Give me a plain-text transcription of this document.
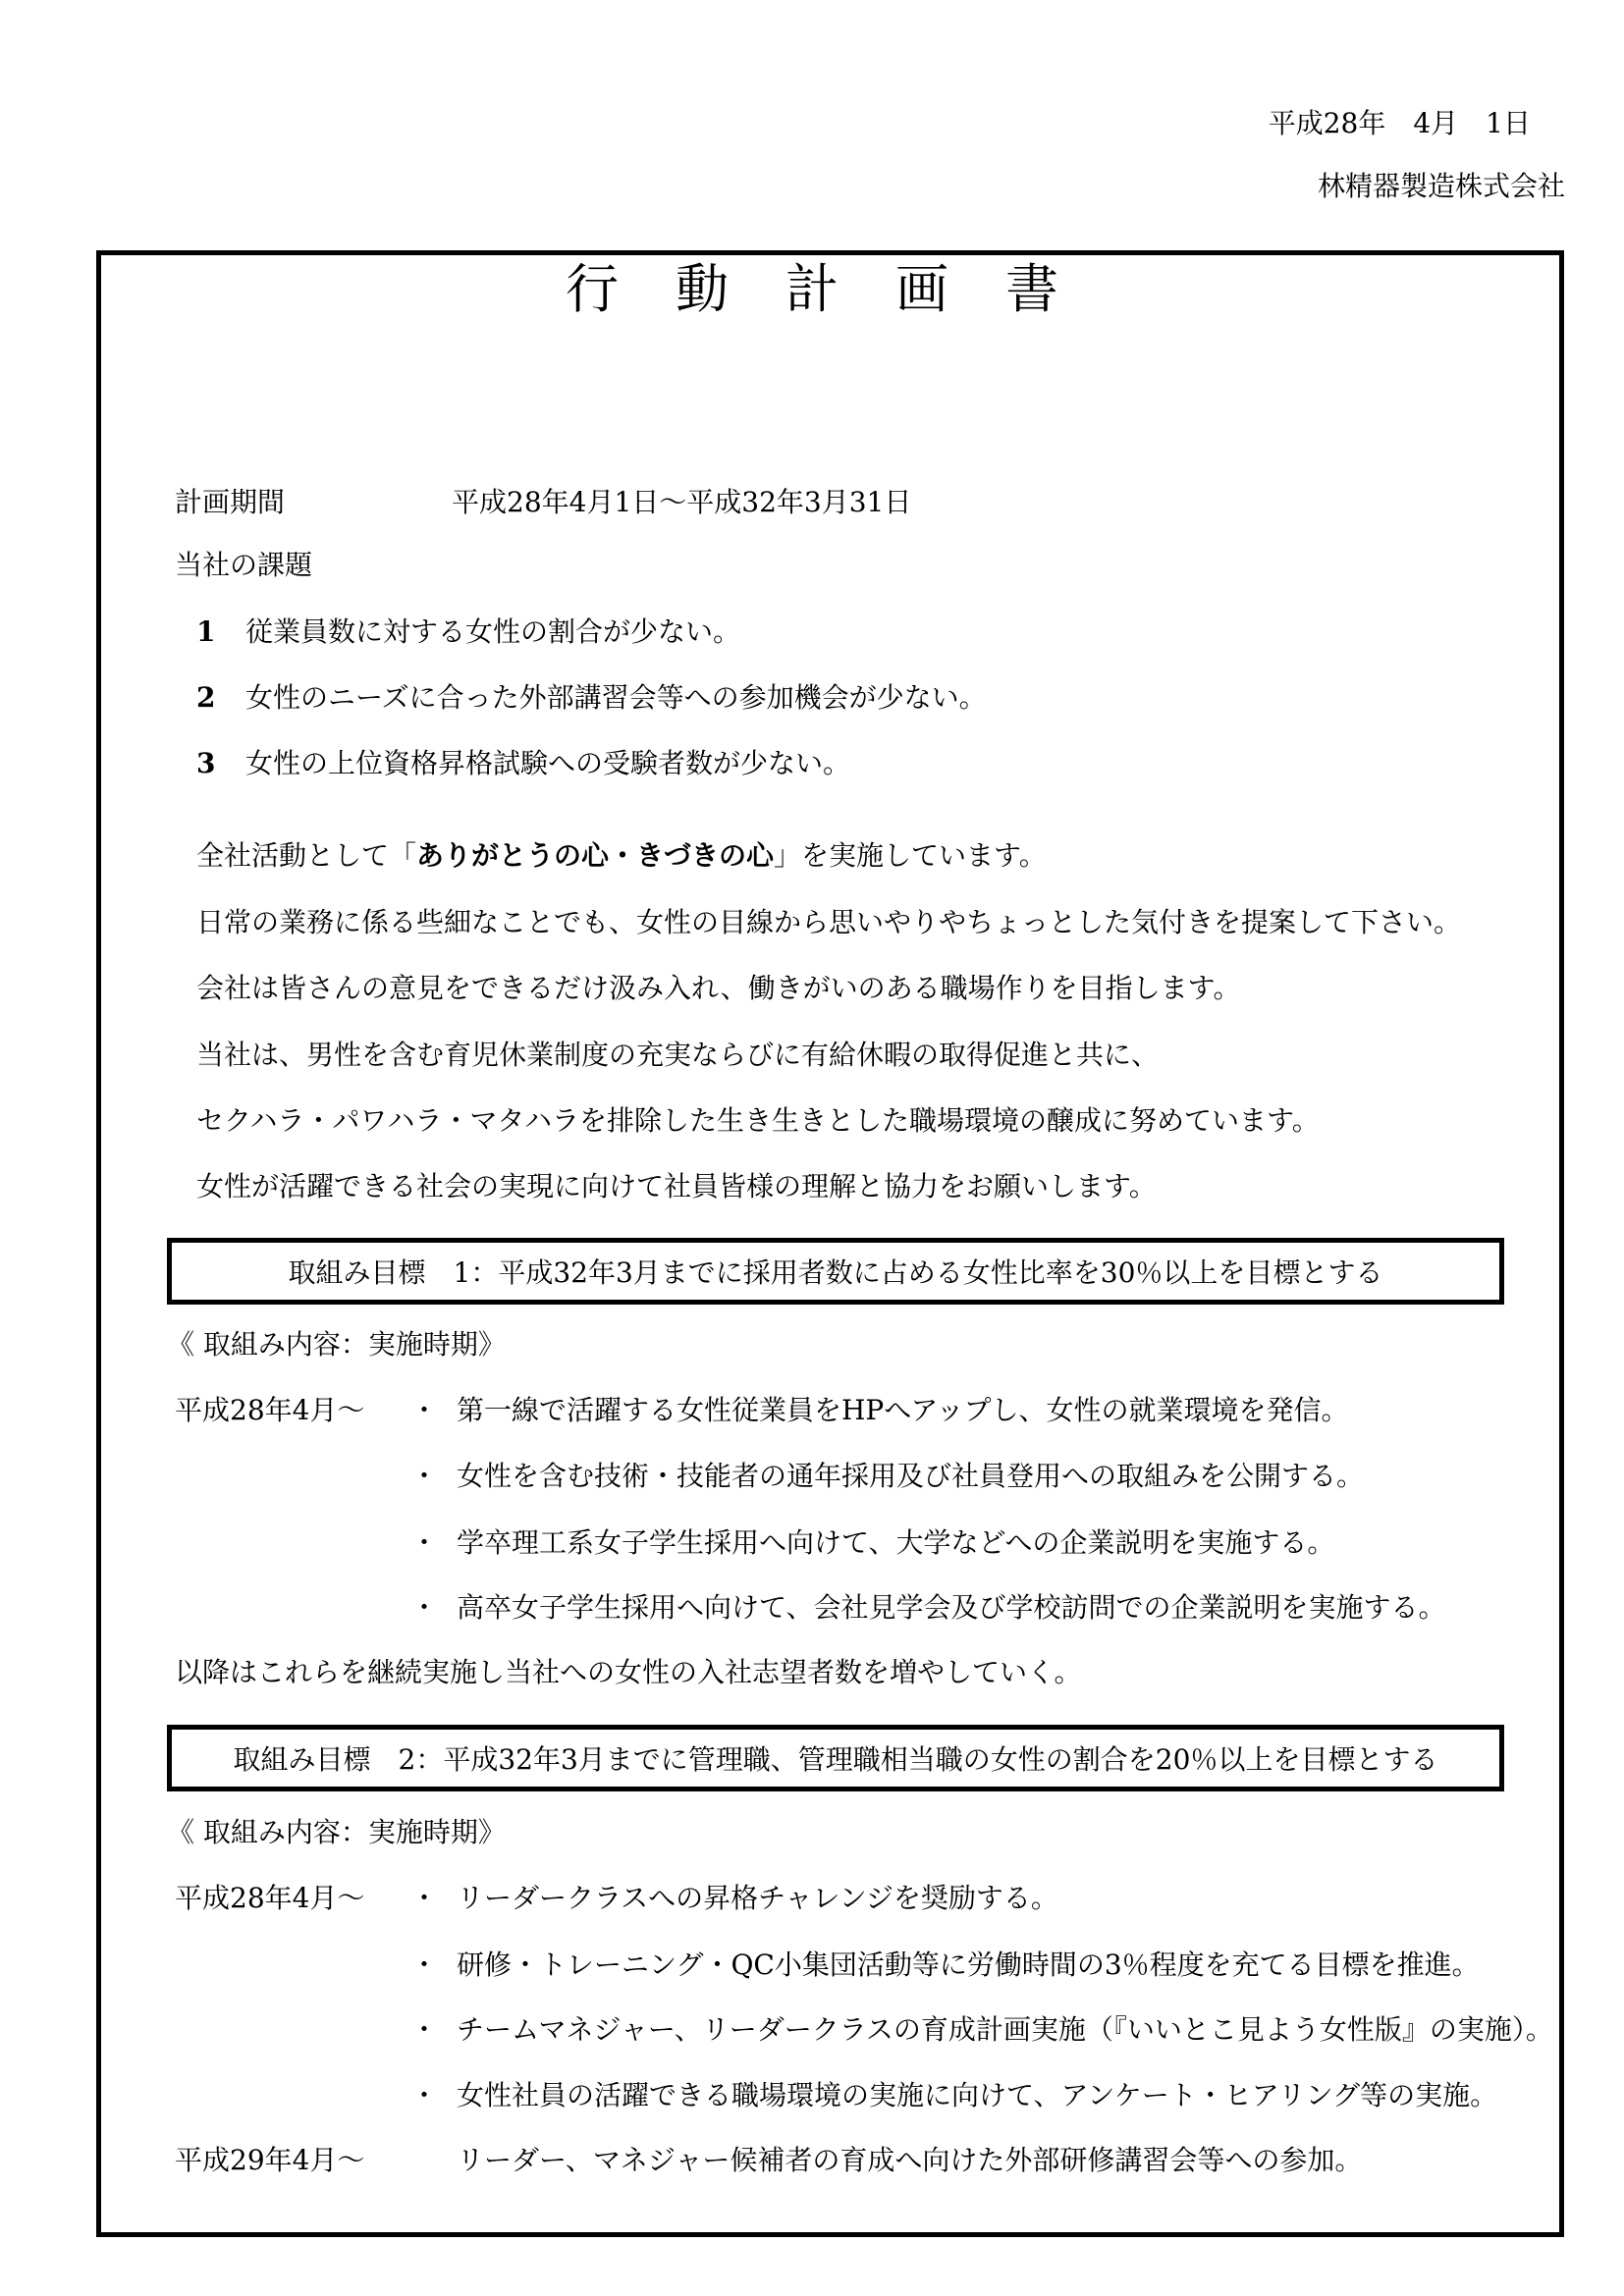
平成28年　4月　1日
林精器製造株式会社
行動計画書
計画期間	平成28年4月1日～平成32年3月31日
当社の課題
1 従業員数に対する女性の割合が少ない。
2 女性のニーズに合った外部講習会等への参加機会が少ない。
3 女性の上位資格昇格試験への受験者数が少ない。
全社活動として「ありがとうの心・きづきの心」を実施しています。
日常の業務に係る些細なことでも、女性の目線から思いやりやちょっとした気付きを提案して下さい。
会社は皆さんの意見をできるだけ汲み入れ、働きがいのある職場作りを目指します。
当社は、男性を含む育児休業制度の充実ならびに有給休暇の取得促進と共に、
セクハラ・パワハラ・マタハラを排除した生き生きとした職場環境の醸成に努めています。
女性が活躍できる社会の実現に向けて社員皆様の理解と協力をお願いします。
取組み目標　1：平成32年3月までに採用者数に占める女性比率を30％以上を目標とする
《 取組み内容：実施時期》
平成28年4月～ ・ 第一線で活躍する女性従業員をHPへアップし、女性の就業環境を発信。
・ 女性を含む技術・技能者の通年採用及び社員登用への取組みを公開する。
・ 学卒理工系女子学生採用へ向けて、大学などへの企業説明を実施する。
・ 高卒女子学生採用へ向けて、会社見学会及び学校訪問での企業説明を実施する。
以降はこれらを継続実施し当社への女性の入社志望者数を増やしていく。
取組み目標　2：平成32年3月までに管理職、管理職相当職の女性の割合を20％以上を目標とする
《 取組み内容：実施時期》
平成28年4月～ ・ リーダークラスへの昇格チャレンジを奨励する。
・ 研修・トレーニング・QC小集団活動等に労働時間の3％程度を充てる目標を推進。
・ チームマネジャー、リーダークラスの育成計画実施（『いいとこ見よう女性版』の実施）。
・ 女性社員の活躍できる職場環境の実施に向けて、アンケート・ヒアリング等の実施。
平成29年4月～	リーダー、マネジャー候補者の育成へ向けた外部研修講習会等への参加。
